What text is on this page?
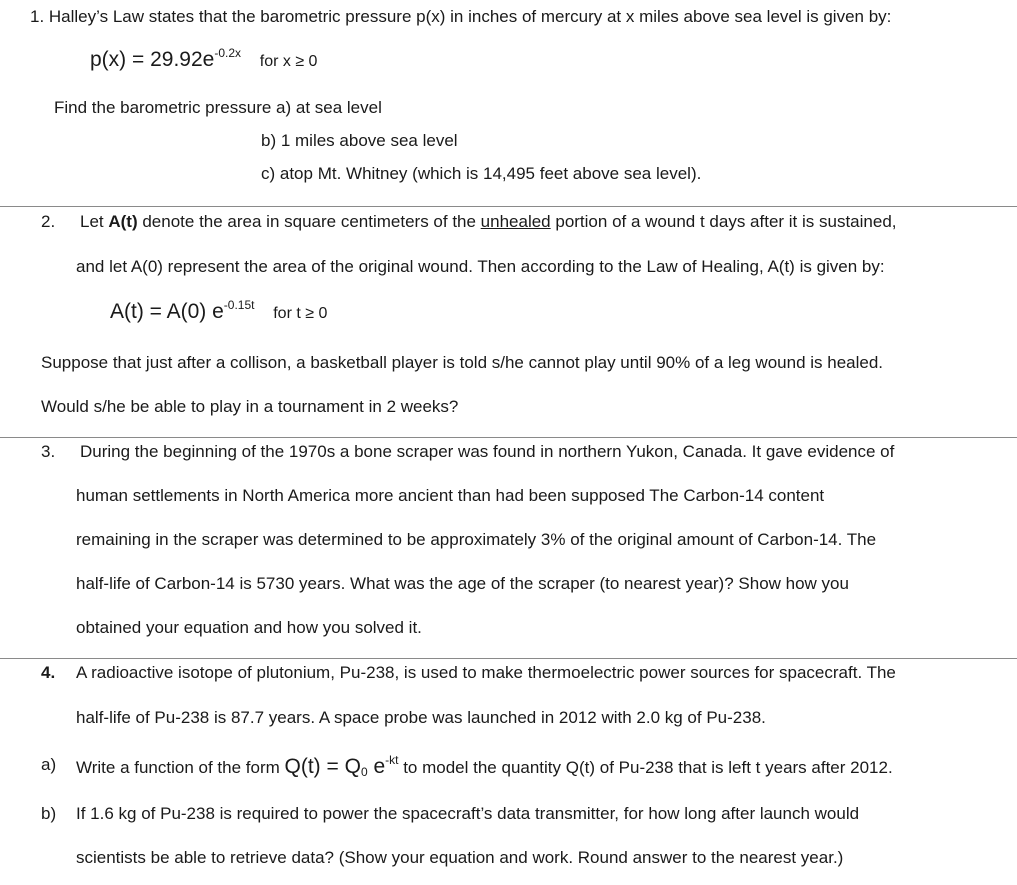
1. Halley’s Law states that the barometric pressure p(x) in inches of mercury at x miles above sea level is given by:
$p(x) = 29.92e^{-0.2x}$ for x ≥ 0
Find the barometric pressure a) at sea level
b) 1 miles above sea level
c) atop Mt. Whitney (which is 14,495 feet above sea level).
2. Let A(t) denote the area in square centimeters of the unhealed portion of a wound t days after it is sustained,
and let A(0) represent the area of the original wound. Then according to the Law of Healing, A(t) is given by:
A(t) = A(0) $e^{-0.15t}$ for t ≥ 0
Suppose that just after a collison, a basketball player is told s/he cannot play until 90% of a leg wound is healed.
Would s/he be able to play in a tournament in 2 weeks?
3. During the beginning of the 1970s a bone scraper was found in northern Yukon, Canada. It gave evidence of
human settlements in North America more ancient than had been supposed The Carbon-14 content
remaining in the scraper was determined to be approximately 3% of the original amount of Carbon-14. The
half-life of Carbon-14 is 5730 years. What was the age of the scraper (to nearest year)? Show how you
obtained your equation and how you solved it.
4. A radioactive isotope of plutonium, Pu-238, is used to make thermoelectric power sources for spacecraft. The
half-life of Pu-238 is 87.7 years. A space probe was launched in 2012 with 2.0 kg of Pu-238.
a) Write a function of the form Q(t) = Q0 $e^{-kt}$ to model the quantity Q(t) of Pu-238 that is left t years after 2012.
b) If 1.6 kg of Pu-238 is required to power the spacecraft’s data transmitter, for how long after launch would
scientists be able to retrieve data? (Show your equation and work. Round answer to the nearest year.)
